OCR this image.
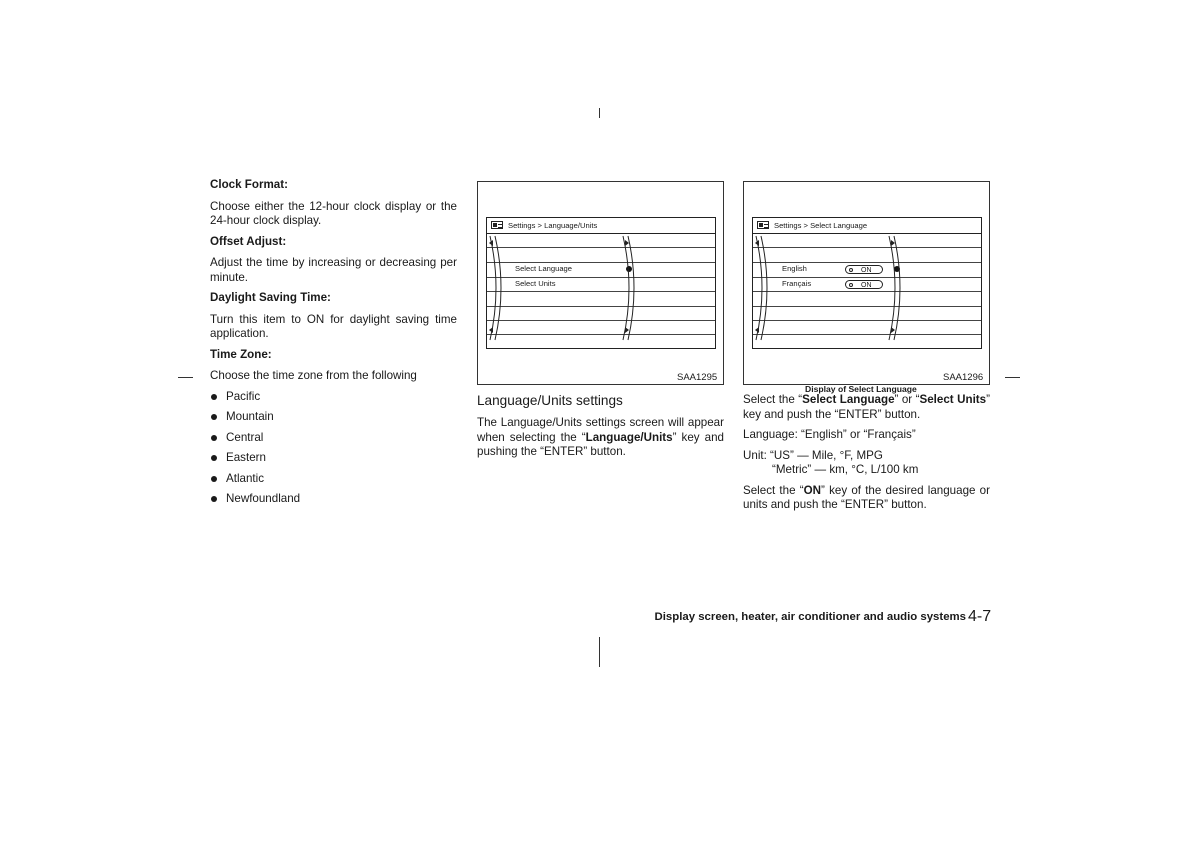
Clock Format:

Choose either the 12-hour clock display or the 24-hour clock display.

Offset Adjust:

Adjust the time by increasing or decreasing per minute.

Daylight Saving Time:

Turn this item to ON for daylight saving time application.

Time Zone:

Choose the time zone from the following

Pacific
Mountain
Central
Eastern
Atlantic
Newfoundland
Settings > Language/Units
Select Language
Select Units
SAA1295
Settings > Select Language
English
Français
ON
ON
SAA1296
Language/Units settings
The Language/Units settings screen will appear when selecting the “Language/Units” key and pushing the “ENTER” button.
Display of Select Language

Select the “Select Language” or “Select Units” key and push the “ENTER” button.

Language: “English” or “Français”

Unit: “US” — Mile, °F, MPG
“Metric” — km, °C, L/100 km

Select the “ON” key of the desired language or units and push the “ENTER” button.

Display screen, heater, air conditioner and audio systems 4-7
